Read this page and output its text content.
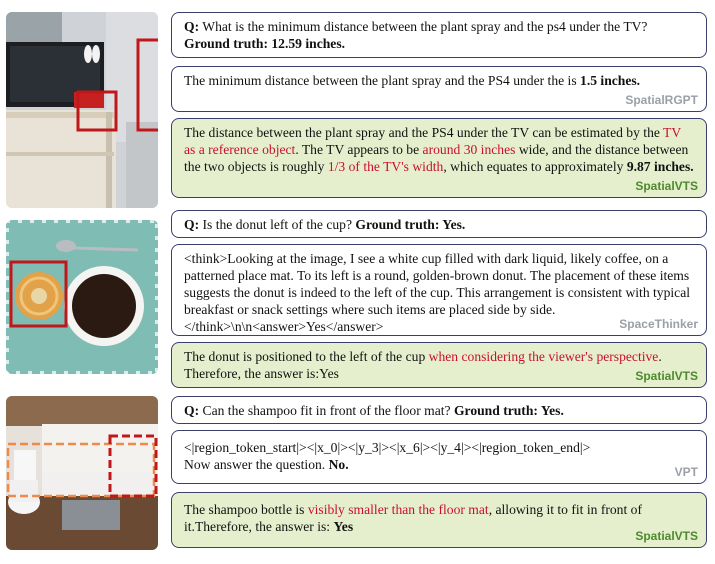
Q: What is the minimum distance between the plant spray and the ps4 under the TV?
Ground truth: 12.59 inches.
The minimum distance between the plant spray and the PS4 under the is 1.5 inches.
SpatialRGPT
The distance between the plant spray and the PS4 under the TV can be estimated by the TV as a reference object. The TV appears to be around 30 inches wide, and the distance between the two objects is roughly 1/3 of the TV's width, which equates to approximately 9.87 inches.
SpatialVTS
Q: Is the donut left of the cup? Ground truth: Yes.
<think>Looking at the image, I see a white cup filled with dark liquid, likely coffee, on a patterned place mat. To its left is a round, golden-brown donut. The placement of these items suggests the donut is indeed to the left of the cup. This arrangement is consistent with typical breakfast or snack settings where such items are placed side by side. </think>\n\n<answer>Yes</answer>	SpaceThinker
The donut is positioned to the left of the cup when considering the viewer's perspective. Therefore, the answer is:Yes	SpatialVTS
Q: Can the shampoo fit in front of the floor mat? Ground truth: Yes.
<|region_token_start|><|x_0|><|y_3|><|x_6|><|y_4|><|region_token_end|>
Now answer the question. No.	VPT
The shampoo bottle is visibly smaller than the floor mat, allowing it to fit in front of it.Therefore, the answer is: Yes
SpatialVTS
